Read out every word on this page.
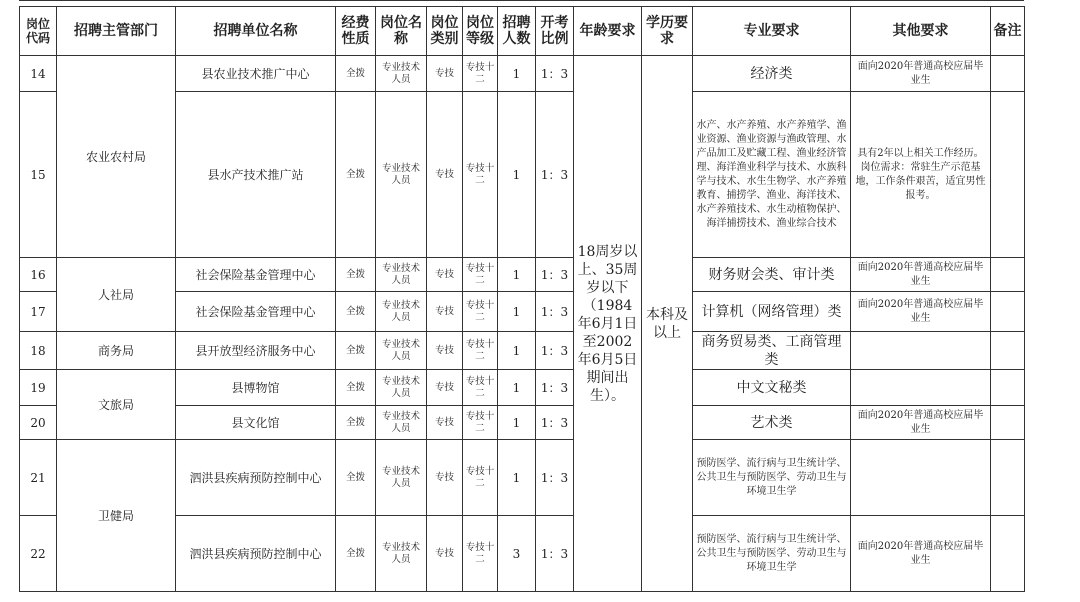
岗位代码	招聘主管部门	招聘单位名称	经费性质	岗位名称	岗位类别	岗位等级	招聘人数	开考比例	年龄要求	学历要求	专业要求	其他要求	备注
14	农业农村局	县农业技术推广中心	全拨	专业技术人员	专技	专技十二	1	1：3	18周岁以上、35周岁以下（1984年6月1日至2002年6月5日期间出生）。	本科及以上	经济类	面向2020年普通高校应届毕业生	
15		县水产技术推广站	全拨	专业技术人员	专技	专技十二	1	1：3			水产、水产养殖、水产养殖学、渔业资源、渔业资源与渔政管理、水产品加工及贮藏工程、渔业经济管理、海洋渔业科学与技术、水族科学与技术、水生生物学、水产养殖教育、捕捞学、渔业、海洋技术、水产养殖技术、水生动植物保护、海洋捕捞技术、渔业综合技术	具有2年以上相关工作经历。岗位需求：常驻生产示范基地，工作条件艰苦，适宜男性报考。	
16	人社局	社会保险基金管理中心	全拨	专业技术人员	专技	专技十二	1	1：3			财务财会类、审计类	面向2020年普通高校应届毕业生	
17		社会保险基金管理中心	全拨	专业技术人员	专技	专技十二	1	1：3			计算机（网络管理）类	面向2020年普通高校应届毕业生	
18	商务局	县开放型经济服务中心	全拨	专业技术人员	专技	专技十二	1	1：3			商务贸易类、工商管理类		
19	文旅局	县博物馆	全拨	专业技术人员	专技	专技十二	1	1：3			中文文秘类		
20		县文化馆	全拨	专业技术人员	专技	专技十二	1	1：3			艺术类	面向2020年普通高校应届毕业生	
21	卫健局	泗洪县疾病预防控制中心	全拨	专业技术人员	专技	专技十二	1	1：3			预防医学、流行病与卫生统计学、公共卫生与预防医学、劳动卫生与环境卫生学		
22		泗洪县疾病预防控制中心	全拨	专业技术人员	专技	专技十二	3	1：3			预防医学、流行病与卫生统计学、公共卫生与预防医学、劳动卫生与环境卫生学	面向2020年普通高校应届毕业生	
